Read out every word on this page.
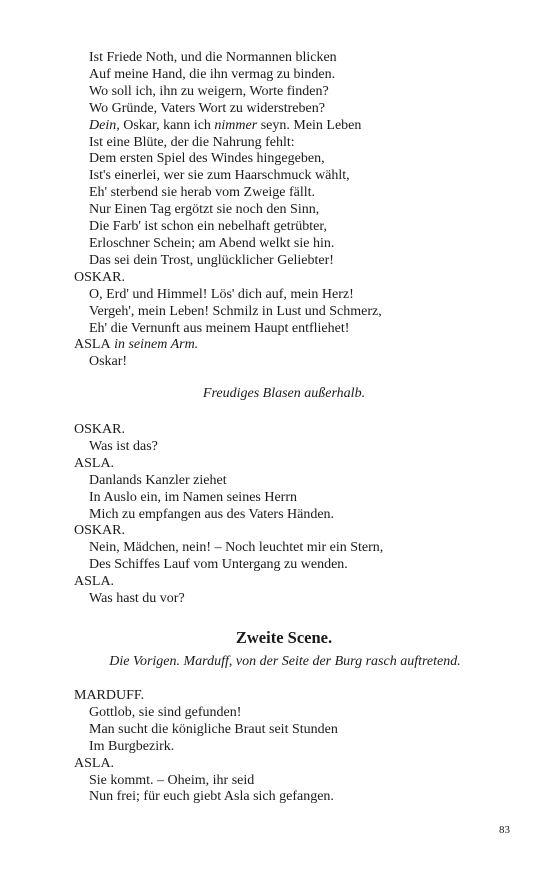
Ist Friede Noth, und die Normannen blicken
Auf meine Hand, die ihn vermag zu binden.
Wo soll ich, ihn zu weigern, Worte finden?
Wo Gründe, Vaters Wort zu widerstreben?
Dein, Oskar, kann ich nimmer seyn. Mein Leben
Ist eine Blüte, der die Nahrung fehlt:
Dem ersten Spiel des Windes hingegeben,
Ist's einerlei, wer sie zum Haarschmuck wählt,
Eh' sterbend sie herab vom Zweige fällt.
Nur Einen Tag ergötzt sie noch den Sinn,
Die Farb' ist schon ein nebelhaft getrübter,
Erloschner Schein; am Abend welkt sie hin.
Das sei dein Trost, unglücklicher Geliebter!
OSKAR.
O, Erd' und Himmel! Lös' dich auf, mein Herz!
Vergeh', mein Leben! Schmilz in Lust und Schmerz,
Eh' die Vernunft aus meinem Haupt entfliehet!
ASLA in seinem Arm.
Oskar!
Freudiges Blasen außerhalb.
OSKAR.
Was ist das?
ASLA.
Danlands Kanzler ziehet
In Auslo ein, im Namen seines Herrn
Mich zu empfangen aus des Vaters Händen.
OSKAR.
Nein, Mädchen, nein! – Noch leuchtet mir ein Stern,
Des Schiffes Lauf vom Untergang zu wenden.
ASLA.
Was hast du vor?
Zweite Scene.
Die Vorigen. Marduff, von der Seite der Burg rasch auftretend.
MARDUFF.
Gottlob, sie sind gefunden!
Man sucht die königliche Braut seit Stunden
Im Burgbezirk.
ASLA.
Sie kommt. – Oheim, ihr seid
Nun frei; für euch giebt Asla sich gefangen.
83
